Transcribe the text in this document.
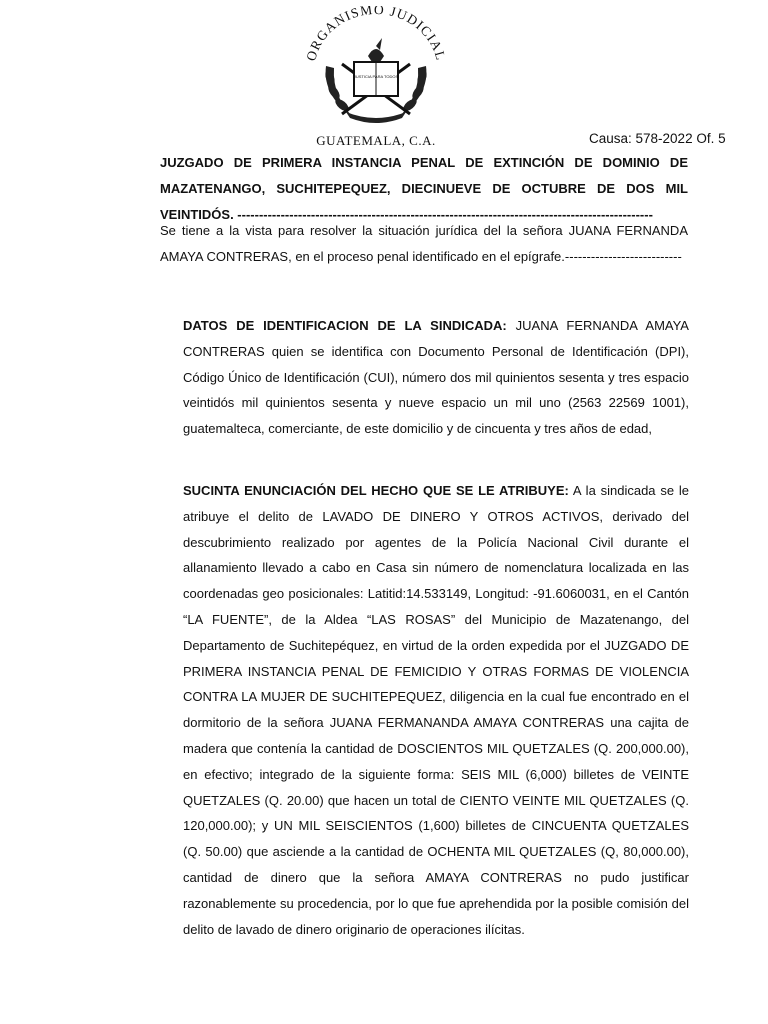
ORGANISMO JUDICIAL
JUSTICIA PARA TODOS
GUATEMALA, C.A.	Causa: 578-2022 Of. 5

JUZGADO DE PRIMERA INSTANCIA PENAL DE EXTINCIÓN DE DOMINIO DE MAZATENANGO, SUCHITEPEQUEZ, DIECINUEVE DE OCTUBRE DE DOS MIL VEINTIDÓS. ------------------------------------------------------------------------------------------------

Se tiene a la vista para resolver la situación jurídica del la señora JUANA FERNANDA AMAYA CONTRERAS, en el proceso penal identificado en el epígrafe.---------------------------

DATOS DE IDENTIFICACION DE LA SINDICADA: JUANA FERNANDA AMAYA CONTRERAS quien se identifica con Documento Personal de Identificación (DPI), Código Único de Identificación (CUI), número dos mil quinientos sesenta y tres espacio veintidós mil quinientos sesenta y nueve espacio un mil uno (2563 22569 1001), guatemalteca, comerciante, de este domicilio y de cincuenta y tres años de edad,

SUCINTA ENUNCIACIÓN DEL HECHO QUE SE LE ATRIBUYE: A la sindicada se le atribuye el delito de LAVADO DE DINERO Y OTROS ACTIVOS, derivado del descubrimiento realizado por agentes de la Policía Nacional Civil durante el allanamiento llevado a cabo en Casa sin número de nomenclatura localizada en las coordenadas geo posicionales: Latitid:14.533149, Longitud: -91.6060031, en el Cantón “LA FUENTE”, de la Aldea “LAS ROSAS” del Municipio de Mazatenango, del Departamento de Suchitepéquez, en virtud de la orden expedida por el JUZGADO DE PRIMERA INSTANCIA PENAL DE FEMICIDIO Y OTRAS FORMAS DE VIOLENCIA CONTRA LA MUJER DE SUCHITEPEQUEZ, diligencia en la cual fue encontrado en el dormitorio de la señora JUANA FERMANANDA AMAYA CONTRERAS una cajita de madera que contenía la cantidad de DOSCIENTOS MIL QUETZALES (Q. 200,000.00), en efectivo; integrado de la siguiente forma: SEIS MIL (6,000) billetes de VEINTE QUETZALES (Q. 20.00) que hacen un total de CIENTO VEINTE MIL QUETZALES (Q. 120,000.00); y UN MIL SEISCIENTOS (1,600) billetes de CINCUENTA QUETZALES (Q. 50.00) que asciende a la cantidad de OCHENTA MIL QUETZALES (Q, 80,000.00), cantidad de dinero que la señora AMAYA CONTRERAS no pudo justificar razonablemente su procedencia, por lo que fue aprehendida por la posible comisión del delito de lavado de dinero originario de operaciones ilícitas.
